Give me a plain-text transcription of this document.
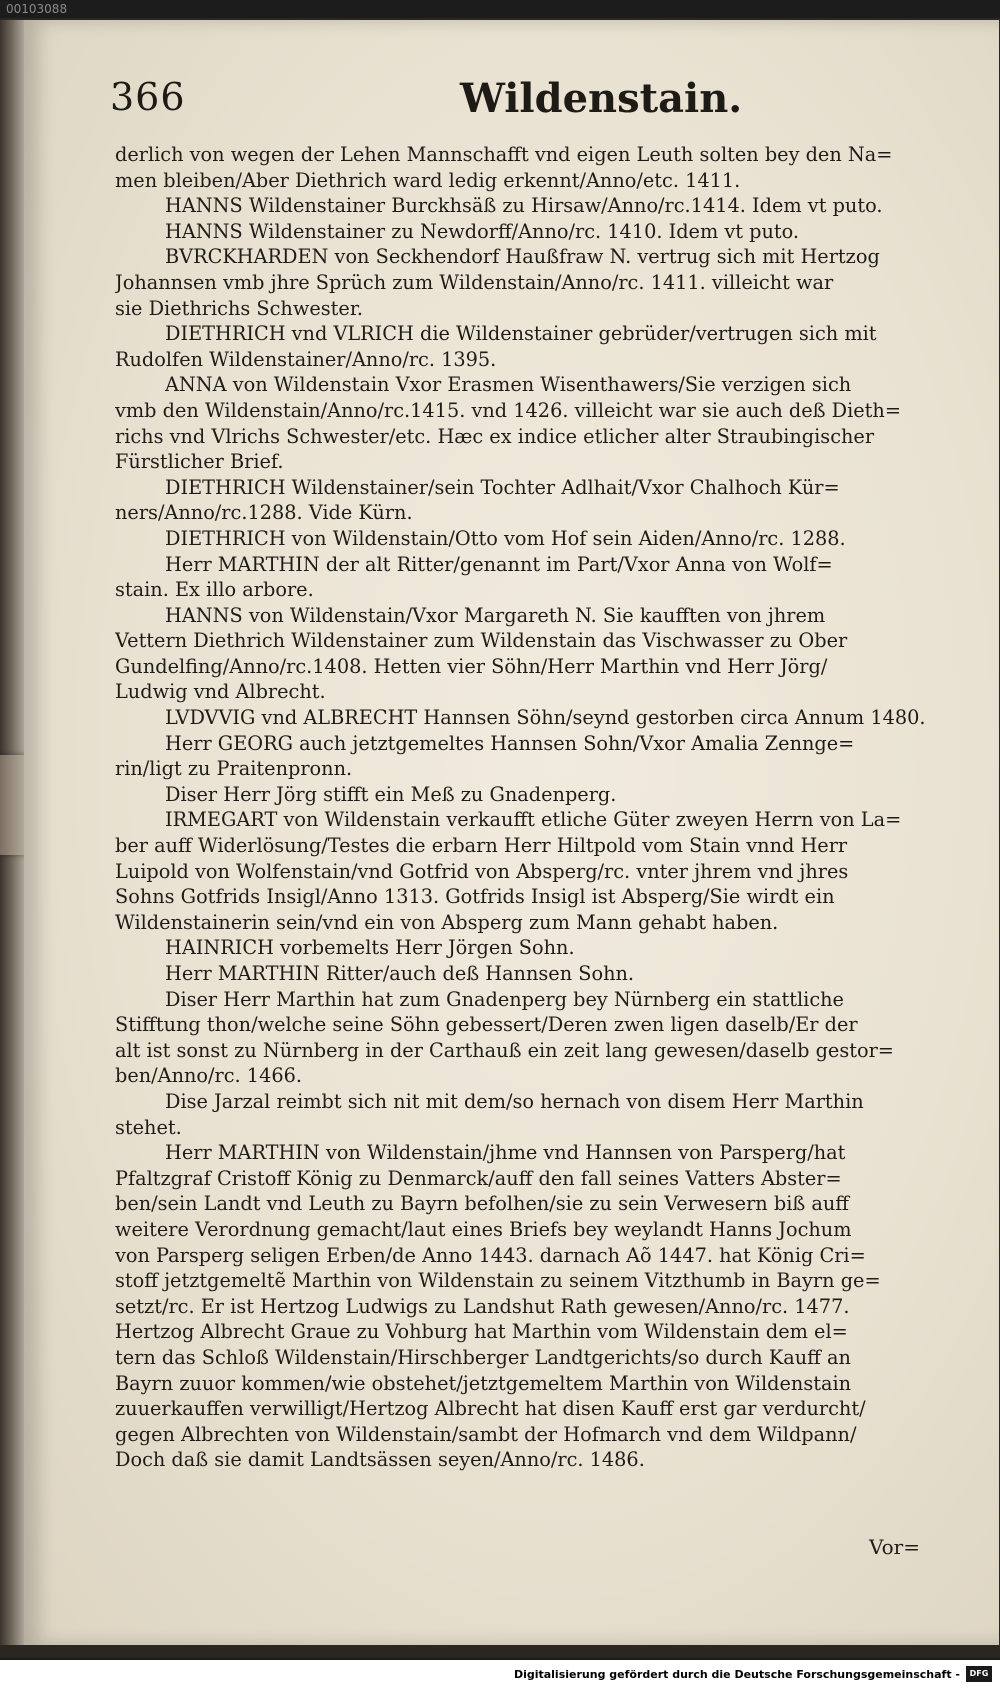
00103088
366	Wildenstain.
derlich von wegen der Lehen Mannschafft vnd eigen Leuth solten bey den Na=
men bleiben/Aber Diethrich ward ledig erkennt/Anno/etc. 1411.
HANNS Wildenstainer Burckhsäß zu Hirsaw/Anno/rc.1414. Idem vt puto.
HANNS Wildenstainer zu Newdorff/Anno/rc. 1410. Idem vt puto.
BVRCKHARDEN von Seckhendorf Haußfraw N. vertrug sich mit Hertzog
Johannsen vmb jhre Sprüch zum Wildenstain/Anno/rc. 1411. villeicht war
sie Diethrichs Schwester.
DIETHRICH vnd VLRICH die Wildenstainer gebrüder/vertrugen sich mit
Rudolfen Wildenstainer/Anno/rc. 1395.
ANNA von Wildenstain Vxor Erasmen Wisenthawers/Sie verzigen sich
vmb den Wildenstain/Anno/rc.1415. vnd 1426. villeicht war sie auch deß Dieth=
richs vnd Vlrichs Schwester/etc. Hæc ex indice etlicher alter Straubingischer
Fürstlicher Brief.
DIETHRICH Wildenstainer/sein Tochter Adlhait/Vxor Chalhoch Kür=
ners/Anno/rc.1288. Vide Kürn.
DIETHRICH von Wildenstain/Otto vom Hof sein Aiden/Anno/rc. 1288.
Herr MARTHIN der alt Ritter/genannt im Part/Vxor Anna von Wolf=
stain. Ex illo arbore.
HANNS von Wildenstain/Vxor Margareth N. Sie kaufften von jhrem
Vettern Diethrich Wildenstainer zum Wildenstain das Vischwasser zu Ober
Gundelfing/Anno/rc.1408. Hetten vier Söhn/Herr Marthin vnd Herr Jörg/
Ludwig vnd Albrecht.
LVDVVIG vnd ALBRECHT Hannsen Söhn/seynd gestorben circa Annum 1480.
Herr GEORG auch jetztgemeltes Hannsen Sohn/Vxor Amalia Zennge=
rin/ligt zu Praitenpronn.
Diser Herr Jörg stifft ein Meß zu Gnadenperg.
IRMEGART von Wildenstain verkaufft etliche Güter zweyen Herrn von La=
ber auff Widerlösung/Testes die erbarn Herr Hiltpold vom Stain vnnd Herr
Luipold von Wolfenstain/vnd Gotfrid von Absperg/rc. vnter jhrem vnd jhres
Sohns Gotfrids Insigl/Anno 1313. Gotfrids Insigl ist Absperg/Sie wirdt ein
Wildenstainerin sein/vnd ein von Absperg zum Mann gehabt haben.
HAINRICH vorbemelts Herr Jörgen Sohn.
Herr MARTHIN Ritter/auch deß Hannsen Sohn.
Diser Herr Marthin hat zum Gnadenperg bey Nürnberg ein stattliche
Stifftung thon/welche seine Söhn gebessert/Deren zwen ligen daselb/Er der
alt ist sonst zu Nürnberg in der Carthauß ein zeit lang gewesen/daselb gestor=
ben/Anno/rc. 1466.
Dise Jarzal reimbt sich nit mit dem/so hernach von disem Herr Marthin
stehet.
Herr MARTHIN von Wildenstain/jhme vnd Hannsen von Parsperg/hat
Pfaltzgraf Cristoff König zu Denmarck/auff den fall seines Vatters Abster=
ben/sein Landt vnd Leuth zu Bayrn befolhen/sie zu sein Verwesern biß auff
weitere Verordnung gemacht/laut eines Briefs bey weylandt Hanns Jochum
von Parsperg seligen Erben/de Anno 1443. darnach Aõ 1447. hat König Cri=
stoff jetztgemeltẽ Marthin von Wildenstain zu seinem Vitzthumb in Bayrn ge=
setzt/rc. Er ist Hertzog Ludwigs zu Landshut Rath gewesen/Anno/rc. 1477.
Hertzog Albrecht Graue zu Vohburg hat Marthin vom Wildenstain dem el=
tern das Schloß Wildenstain/Hirschberger Landtgerichts/so durch Kauff an
Bayrn zuuor kommen/wie obstehet/jetztgemeltem Marthin von Wildenstain
zuuerkauffen verwilligt/Hertzog Albrecht hat disen Kauff erst gar verdurcht/
gegen Albrechten von Wildenstain/sambt der Hofmarch vnd dem Wildpann/
Doch daß sie damit Landtsässen seyen/Anno/rc. 1486.
Vor=
Digitalisierung gefördert durch die Deutsche Forschungsgemeinschaft -	DFG
